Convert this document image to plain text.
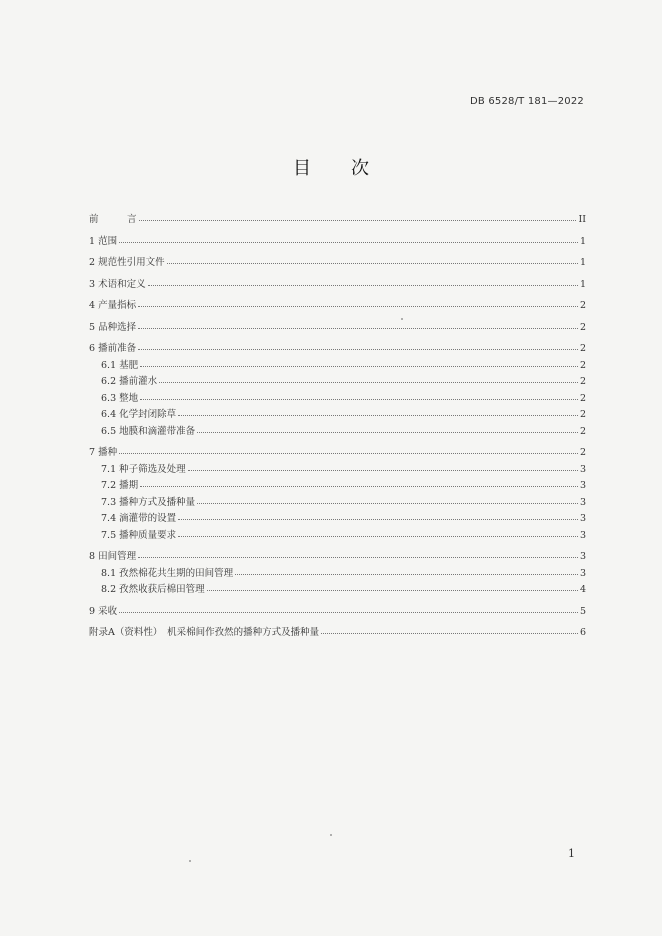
DB 6528/T 181—2022
目 次
前　　　言	II
1 范围	1
2 规范性引用文件	1
3 术语和定义	1
4 产量指标	2
5 品种选择	2
6 播前准备	2
6.1 基肥	2
6.2 播前灌水	2
6.3 整地	2
6.4 化学封闭除草	2
6.5 地膜和滴灌带准备	2
7 播种	2
7.1 种子筛选及处理	3
7.2 播期	3
7.3 播种方式及播种量	3
7.4 滴灌带的设置	3
7.5 播种质量要求	3
8 田间管理	3
8.1 孜然棉花共生期的田间管理	3
8.2 孜然收获后棉田管理	4
9 采收	5
附录A（资料性）　机采棉间作孜然的播种方式及播种量	6
1
